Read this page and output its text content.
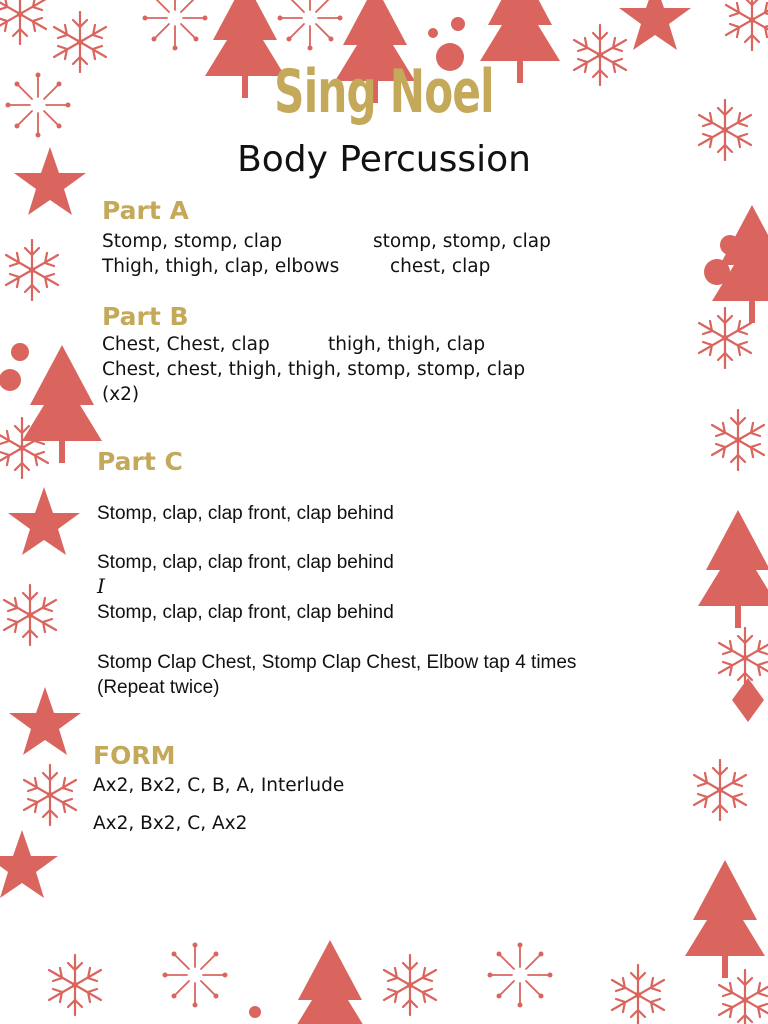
Sing Noel
Body Percussion
Part A
Stomp, stomp, clap	stomp, stomp, clap
Thigh, thigh, clap, elbows	chest, clap
Part B
Chest, Chest, clap	thigh, thigh, clap
Chest, chest, thigh, thigh, stomp, stomp, clap
(x2)
Part C
Stomp, clap, clap front, clap behind
Stomp, clap, clap front, clap behind
I
Stomp, clap, clap front, clap behind
Stomp Clap Chest, Stomp Clap Chest, Elbow tap 4 times
(Repeat twice)
FORM
Ax2, Bx2, C, B, A, Interlude
Ax2, Bx2, C, Ax2
